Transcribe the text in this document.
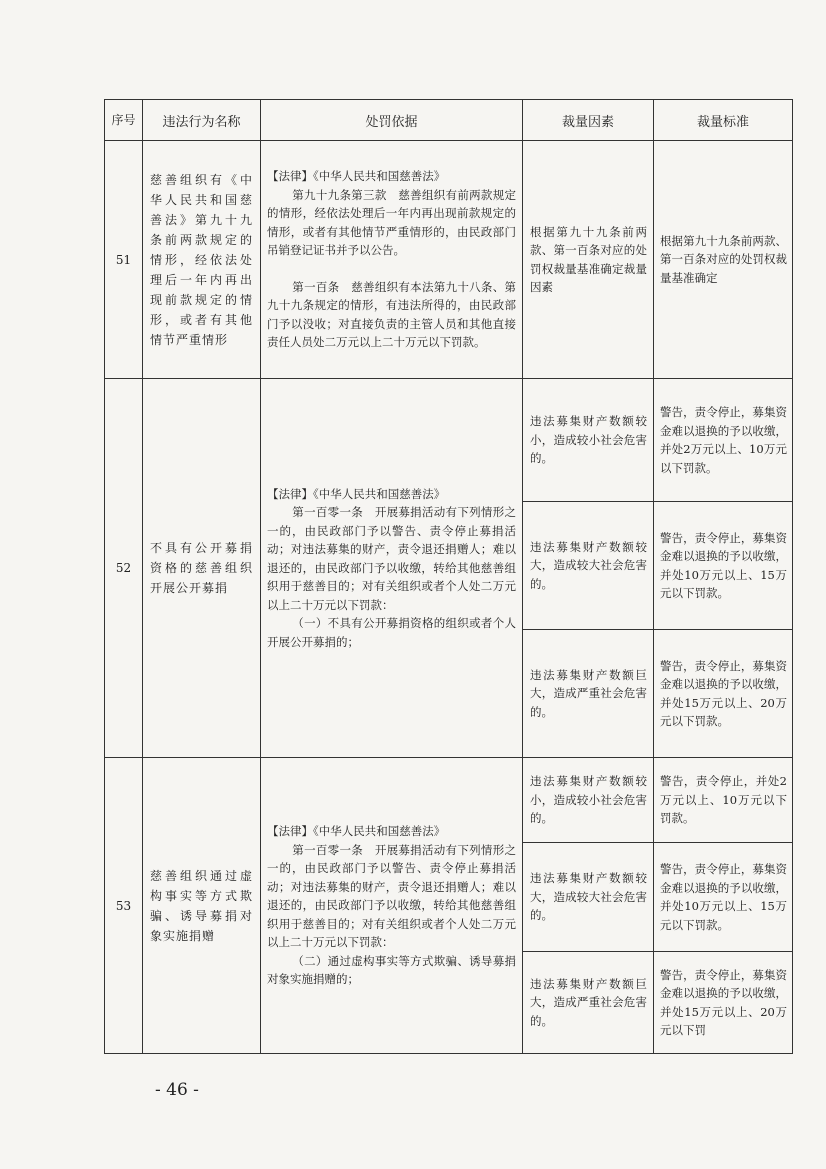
序号	违法行为名称	处罚依据	裁量因素	裁量标准
51	慈善组织有《中华人民共和国慈善法》第九十九条前两款规定的情形，经依法处理后一年内再出现前款规定的情形，或者有其他情节严重情形	【法律】《中华人民共和国慈善法》

第九十九条第三款　慈善组织有前两款规定的情形，经依法处理后一年内再出现前款规定的情形，或者有其他情节严重情形的，由民政部门吊销登记证书并予以公告。

第一百条　慈善组织有本法第九十八条、第九十九条规定的情形，有违法所得的，由民政部门予以没收；对直接负责的主管人员和其他直接责任人员处二万元以上二十万元以下罚款。	根据第九十九条前两款、第一百条对应的处罚权裁量基准确定裁量因素	根据第九十九条前两款、第一百条对应的处罚权裁量基准确定
52	不具有公开募捐资格的慈善组织开展公开募捐	【法律】《中华人民共和国慈善法》

第一百零一条　开展募捐活动有下列情形之一的，由民政部门予以警告、责令停止募捐活动；对违法募集的财产，责令退还捐赠人；难以退还的，由民政部门予以收缴，转给其他慈善组织用于慈善目的；对有关组织或者个人处二万元以上二十万元以下罚款：

（一）不具有公开募捐资格的组织或者个人开展公开募捐的；	违法募集财产数额较小，造成较小社会危害的。	警告，责令停止，募集资金难以退换的予以收缴，并处2万元以上、10万元以下罚款。
			违法募集财产数额较大，造成较大社会危害的。	警告，责令停止，募集资金难以退换的予以收缴，并处10万元以上、15万元以下罚款。
			违法募集财产数额巨大，造成严重社会危害的。	警告，责令停止，募集资金难以退换的予以收缴，并处15万元以上、20万元以下罚款。
53	慈善组织通过虚构事实等方式欺骗、诱导募捐对象实施捐赠	【法律】《中华人民共和国慈善法》

第一百零一条　开展募捐活动有下列情形之一的，由民政部门予以警告、责令停止募捐活动；对违法募集的财产，责令退还捐赠人；难以退还的，由民政部门予以收缴，转给其他慈善组织用于慈善目的；对有关组织或者个人处二万元以上二十万元以下罚款：

（二）通过虚构事实等方式欺骗、诱导募捐对象实施捐赠的；	违法募集财产数额较小，造成较小社会危害的。	警告，责令停止，并处2万元以上、10万元以下罚款。
			违法募集财产数额较大，造成较大社会危害的。	警告，责令停止，募集资金难以退换的予以收缴，并处10万元以上、15万元以下罚款。
			违法募集财产数额巨大，造成严重社会危害的。	警告，责令停止，募集资金难以退换的予以收缴，并处15万元以上、20万元以下罚
- 46 -
